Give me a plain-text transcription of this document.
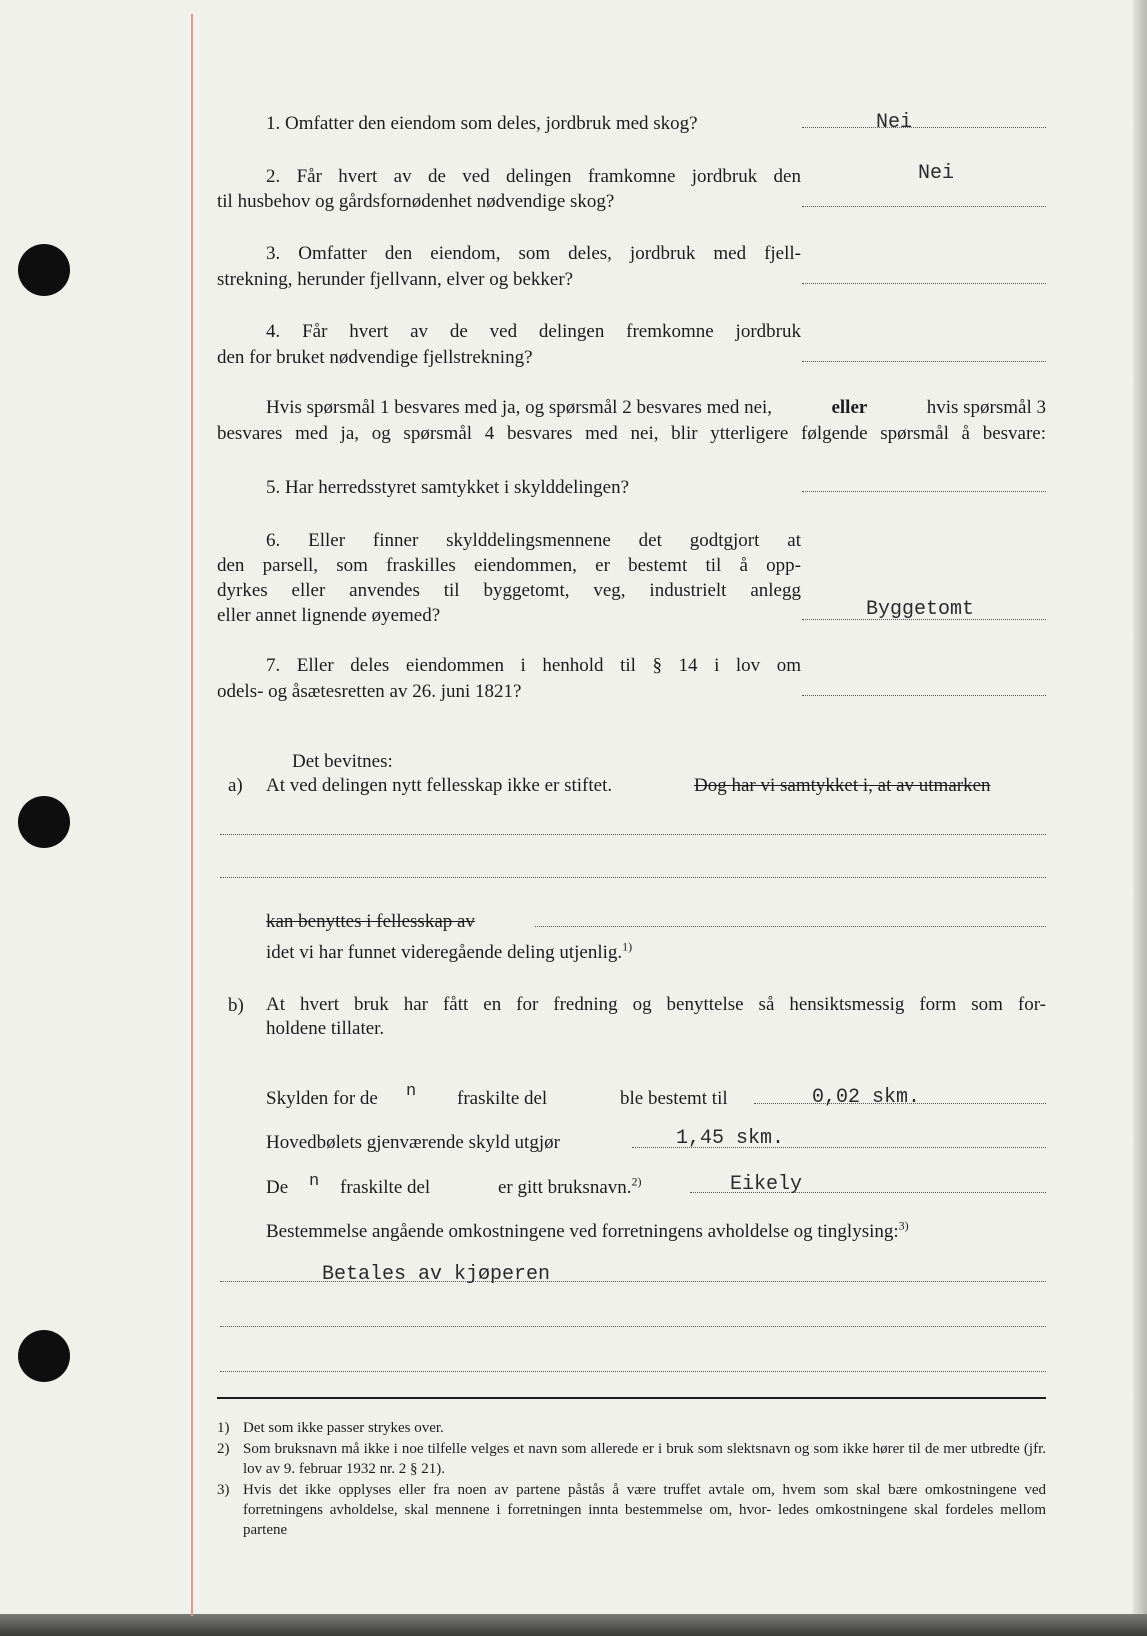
1. Omfatter den eiendom som deles, jordbruk med skog?	Nei
2. Får hvert av de ved delingen framkomne jordbruk den
til husbehov og gårdsfornødenhet nødvendige skog?
Nei
3. Omfatter den eiendom, som deles, jordbruk med fjell-
strekning, herunder fjellvann, elver og bekker?
4. Får hvert av de ved delingen fremkomne jordbruk
den for bruket nødvendige fjellstrekning?
Hvis spørsmål 1 besvares med ja, og spørsmål 2 besvares med nei,	eller	hvis spørsmål 3
besvares med ja, og spørsmål 4 besvares med nei, blir ytterligere følgende spørsmål å besvare:
5. Har herredsstyret samtykket i skylddelingen?
6. Eller finner skylddelingsmennene det godtgjort at
den parsell, som fraskilles eiendommen, er bestemt til å opp-
dyrkes eller anvendes til byggetomt, veg, industrielt anlegg
eller annet lignende øyemed?	Byggetomt
7. Eller deles eiendommen i henhold til § 14 i lov om
odels- og åsætesretten av 26. juni 1821?
Det bevitnes:
a) At ved delingen nytt fellesskap ikke er stiftet.	Dog har vi samtykket i, at av utmarken
kan benyttes i fellesskap av
idet vi har funnet videregående deling utjenlig.$^{1)}$
b) At hvert bruk har fått en for fredning og benyttelse så hensiktsmessig form som for-
holdene tillater.
Skylden for de n fraskilte del	ble bestemt til	0,02 skm.
Hovedbølets gjenværende skyld utgjør	1,45 skm.
De n fraskilte del	er gitt bruksnavn.$^{2)}$	Eikely
Bestemmelse angående omkostningene ved forretningens avholdelse og tinglysing:$^{3)}$
Betales av kjøperen
1) Det som ikke passer strykes over.
2) Som bruksnavn må ikke i noe tilfelle velges et navn som allerede er i bruk som slektsnavn og som ikke hører til de mer utbredte (jfr. lov av 9. februar 1932 nr. 2 § 21).
3) Hvis det ikke opplyses eller fra noen av partene påstås å være truffet avtale om, hvem som skal bære omkostningene ved forretningens avholdelse, skal mennene i forretningen innta bestemmelse om, hvor- ledes omkostningene skal fordeles mellom partene
